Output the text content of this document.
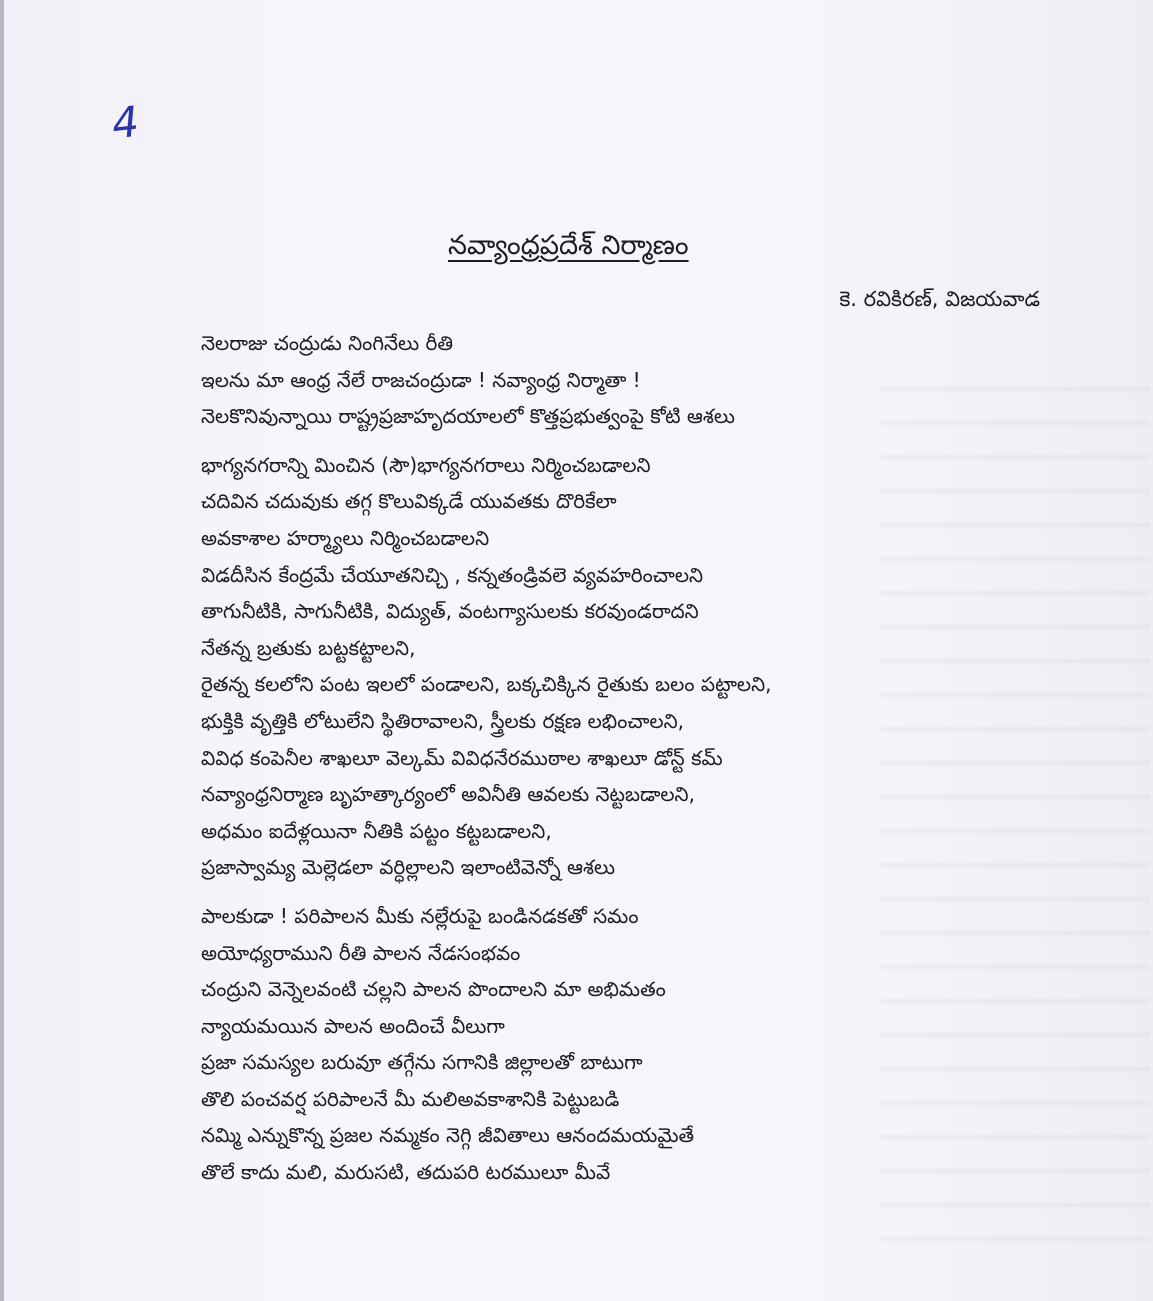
4
నవ్యాంధ్రప్రదేశ్ నిర్మాణం
కె. రవికిరణ్, విజయవాడ
నెలరాజు చంద్రుడు నింగినేలు రీతి
ఇలను మా ఆంధ్ర నేలే రాజచంద్రుడా ! నవ్యాంధ్ర నిర్మాతా !
నెలకొనివున్నాయి రాష్ట్రప్రజాహృదయాలలో కొత్తప్రభుత్వంపై కోటి ఆశలు
భాగ్యనగరాన్ని మించిన (సౌ)భాగ్యనగరాలు నిర్మించబడాలని
చదివిన చదువుకు తగ్గ కొలువిక్కడే యువతకు దొరికేలా
అవకాశాల హర్మ్యాలు నిర్మించబడాలని
విడదీసిన కేంద్రమే చేయూతనిచ్చి , కన్నతండ్రివలె వ్యవహరించాలని
తాగునీటికి, సాగునీటికి, విద్యుత్, వంటగ్యాసులకు కరవుండరాదని
నేతన్న బ్రతుకు బట్టకట్టాలని,
రైతన్న కలలోని పంట ఇలలో పండాలని, బక్కచిక్కిన రైతుకు బలం పట్టాలని,
భుక్తికి వృత్తికి లోటులేని స్థితిరావాలని, స్త్రీలకు రక్షణ లభించాలని,
వివిధ కంపెనీల శాఖలూ వెల్కమ్ వివిధనేరముఠాల శాఖలూ డోన్ట్ కమ్
నవ్యాంధ్రనిర్మాణ బృహత్కార్యంలో అవినీతి ఆవలకు నెట్టబడాలని,
అధమం ఐదేళ్లయినా నీతికి పట్టం కట్టబడాలని,
ప్రజాస్వామ్య మెల్లెడలా వర్ధిల్లాలని ఇలాంటివెన్నో ఆశలు
పాలకుడా ! పరిపాలన మీకు నల్లేరుపై బండినడకతో సమం
అయోధ్యరాముని రీతి పాలన నేడసంభవం
చంద్రుని వెన్నెలవంటి చల్లని పాలన పొందాలని మా అభిమతం
న్యాయమయిన పాలన అందించే వీలుగా
ప్రజా సమస్యల బరువూ తగ్గేను సగానికి జిల్లాలతో బాటుగా
తొలి పంచవర్ష పరిపాలనే మీ మలిఅవకాశానికి పెట్టుబడి
నమ్మి ఎన్నుకొన్న ప్రజల నమ్మకం నెగ్గి జీవితాలు ఆనందమయమైతే
తొలే కాదు మలి, మరుసటి, తదుపరి టరములూ మీవే
